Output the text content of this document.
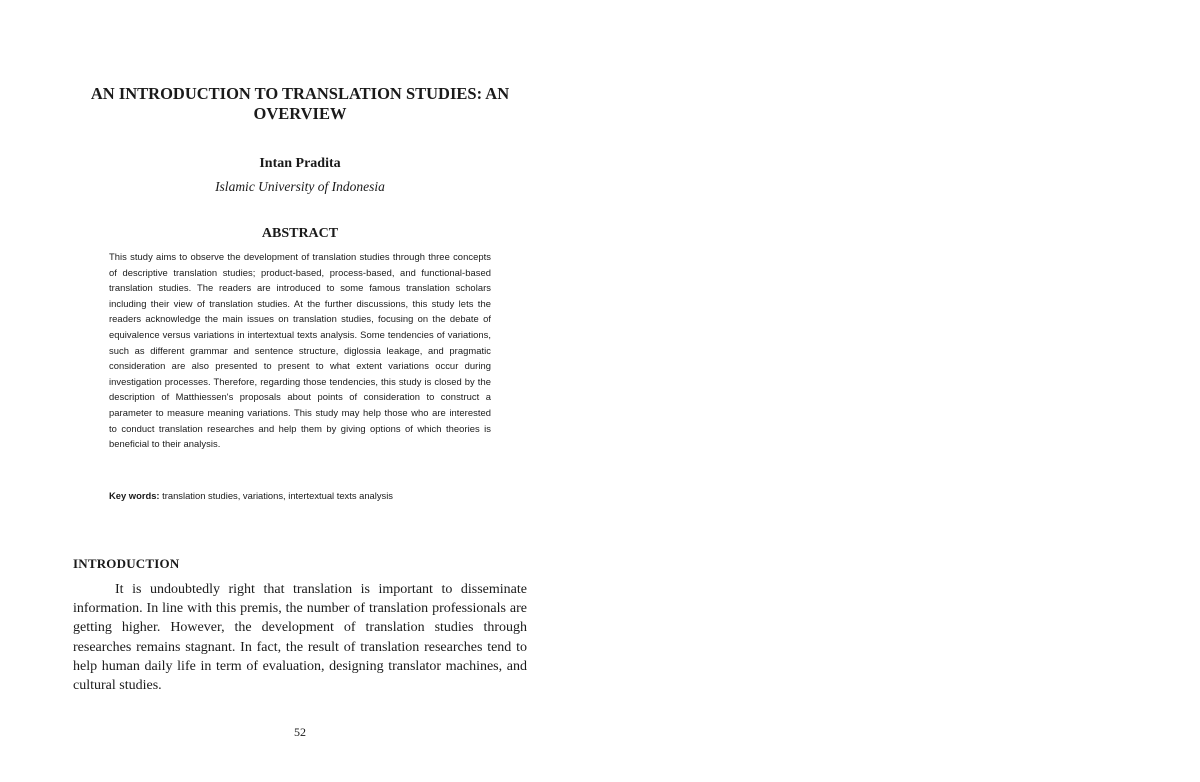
AN INTRODUCTION TO TRANSLATION STUDIES: AN OVERVIEW
Intan Pradita
Islamic University of Indonesia
ABSTRACT
This study aims to observe the development of translation studies through three concepts of descriptive translation studies; product-based, process-based, and functional-based translation studies. The readers are introduced to some famous translation scholars including their view of translation studies. At the further discussions, this study lets the readers acknowledge the main issues on translation studies, focusing on the debate of equivalence versus variations in intertextual texts analysis. Some tendencies of variations, such as different grammar and sentence structure, diglossia leakage, and pragmatic consideration are also presented to present to what extent variations occur during investigation processes. Therefore, regarding those tendencies, this study is closed by the description of Matthiessen's proposals about points of consideration to construct a parameter to measure meaning variations. This study may help those who are interested to conduct translation researches and help them by giving options of which theories is beneficial to their analysis.
Key words: translation studies, variations, intertextual texts analysis
INTRODUCTION
It is undoubtedly right that translation is important to disseminate information. In line with this premis, the number of translation professionals are getting higher. However, the development of translation studies through researches remains stagnant. In fact, the result of translation researches tend to help human daily life in term of evaluation, designing translator machines, and cultural studies.
52
